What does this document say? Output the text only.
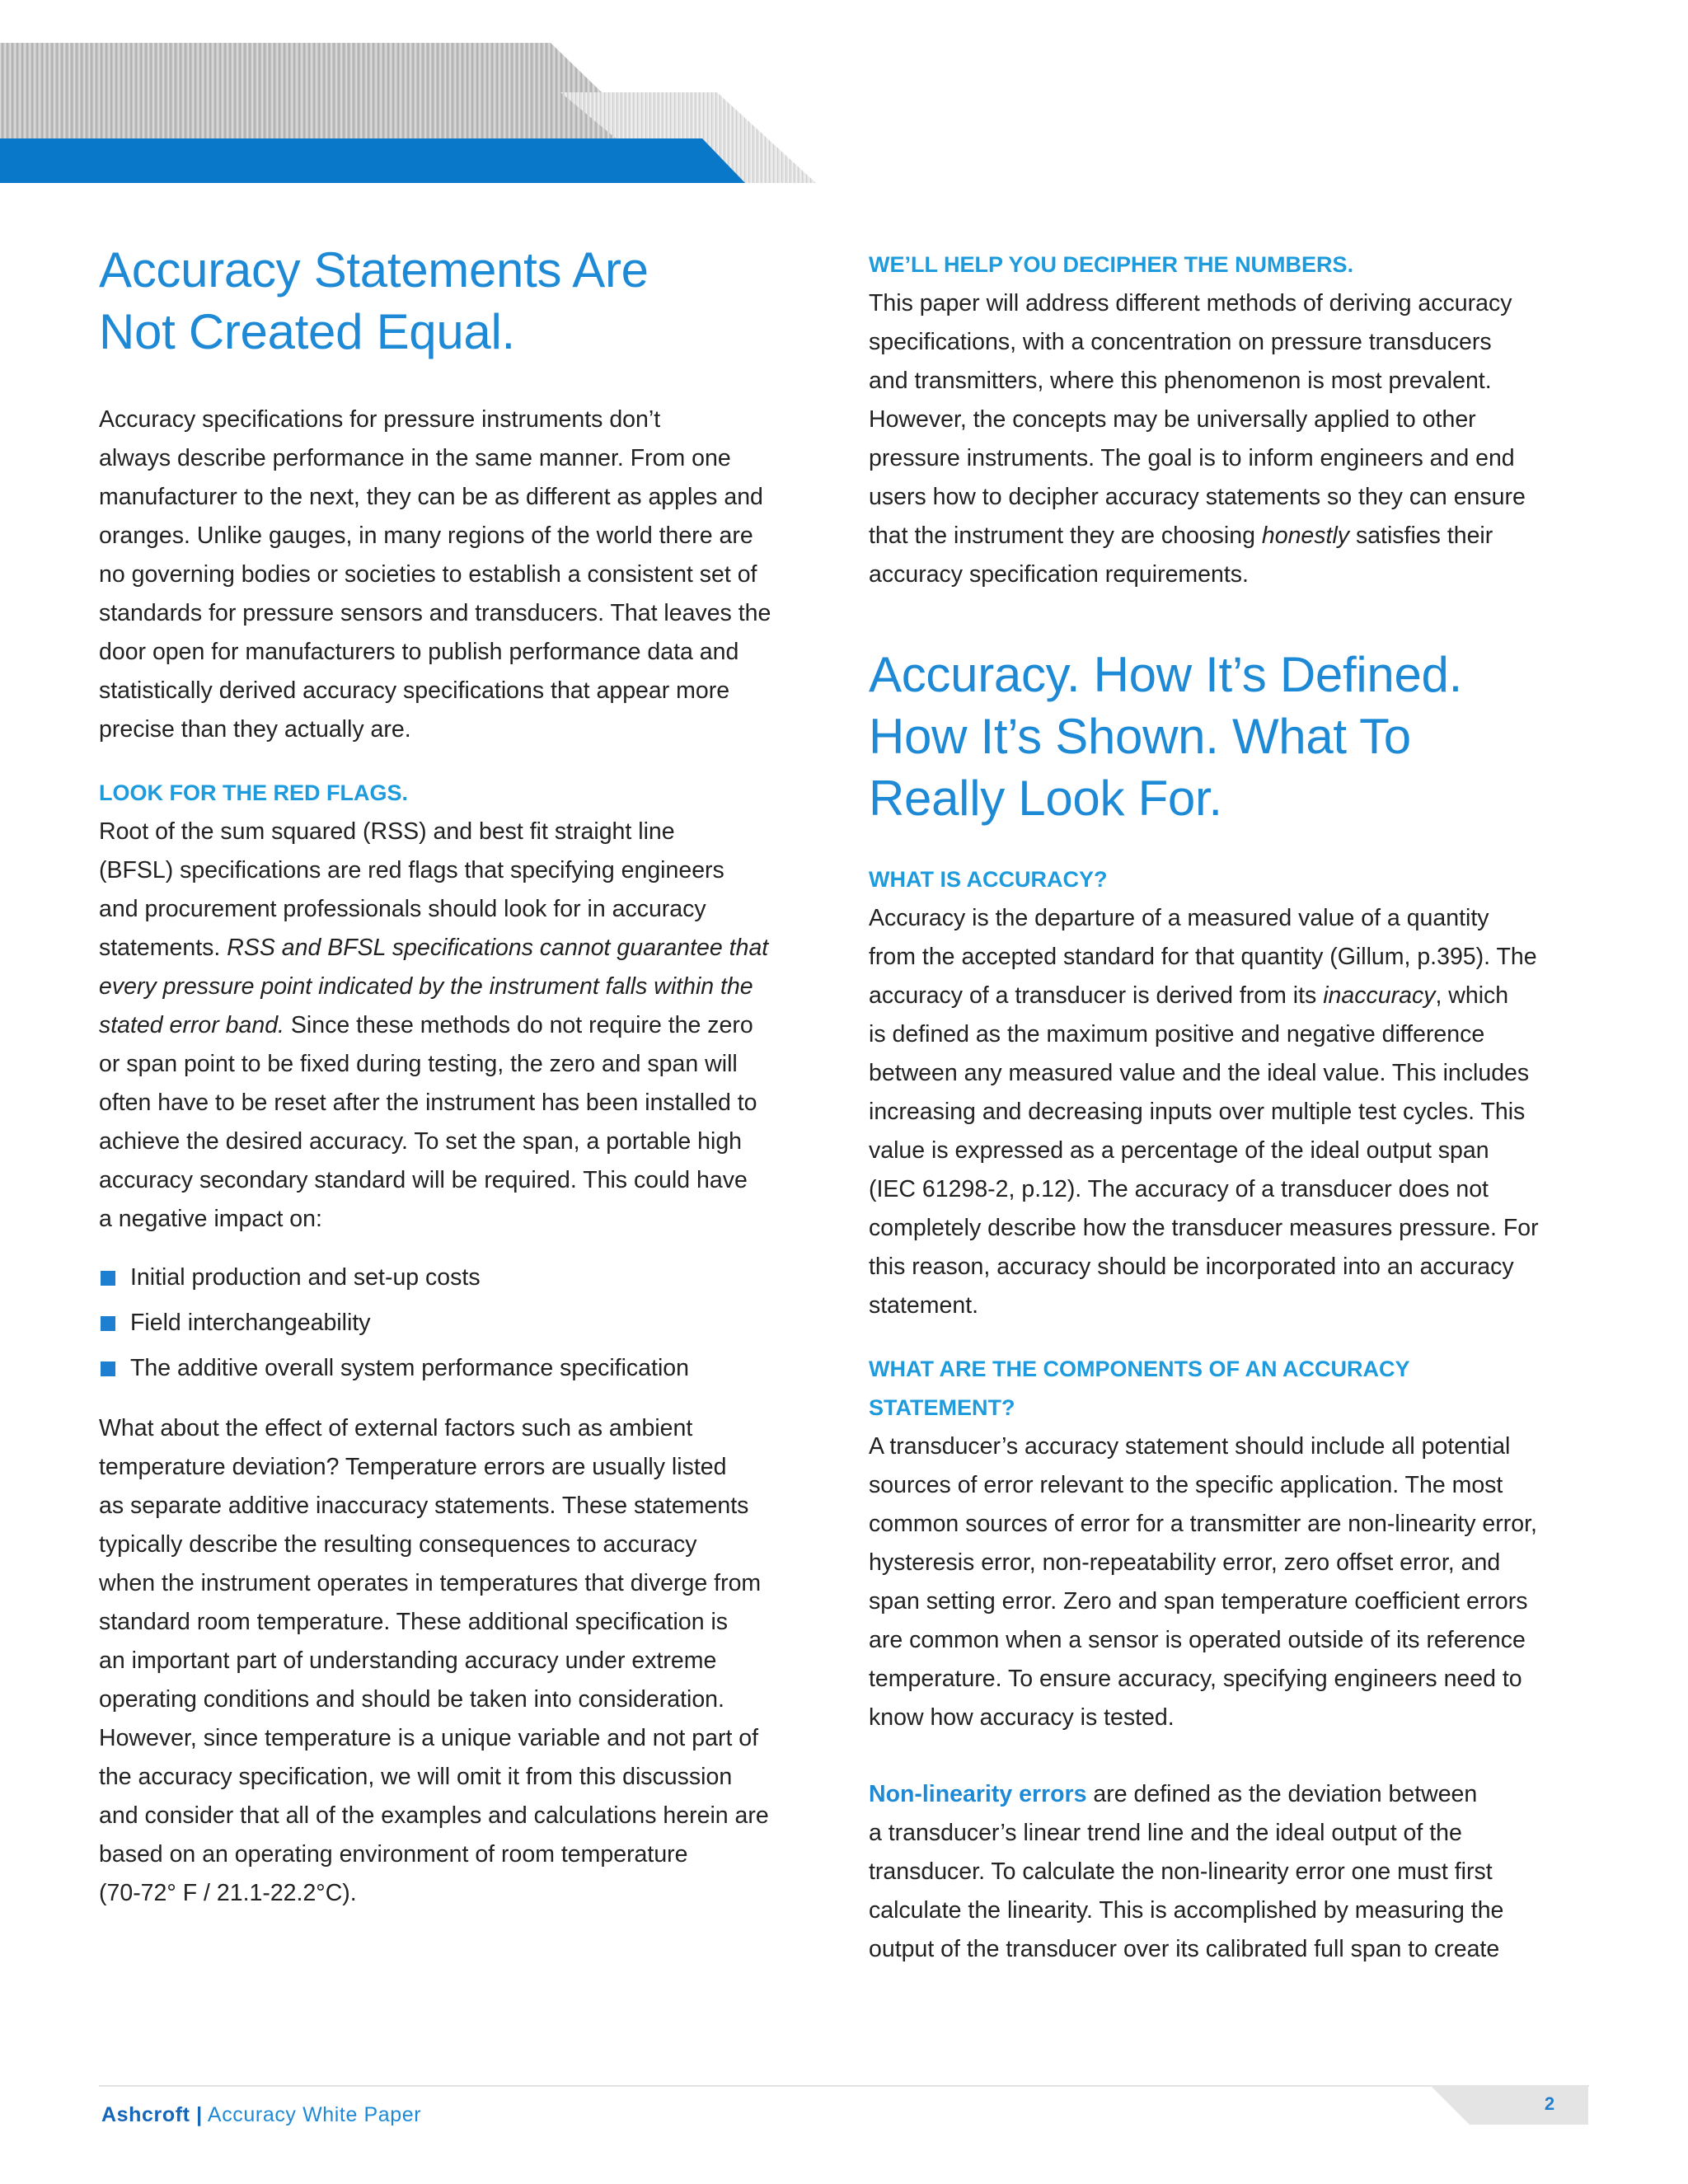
Accuracy Statements Are
Not Created Equal.
Accuracy specifications for pressure instruments don’t
always describe performance in the same manner. From one
manufacturer to the next, they can be as different as apples and
oranges. Unlike gauges, in many regions of the world there are
no governing bodies or societies to establish a consistent set of
standards for pressure sensors and transducers. That leaves the
door open for manufacturers to publish performance data and
statistically derived accuracy specifications that appear more
precise than they actually are.
LOOK FOR THE RED FLAGS.
Root of the sum squared (RSS) and best fit straight line
(BFSL) specifications are red flags that specifying engineers
and procurement professionals should look for in accuracy
statements. RSS and BFSL specifications cannot guarantee that
every pressure point indicated by the instrument falls within the
stated error band. Since these methods do not require the zero
or span point to be fixed during testing, the zero and span will
often have to be reset after the instrument has been installed to
achieve the desired accuracy. To set the span, a portable high
accuracy secondary standard will be required. This could have
a negative impact on:
Initial production and set-up costs
Field interchangeability
The additive overall system performance specification
What about the effect of external factors such as ambient
temperature deviation? Temperature errors are usually listed
as separate additive inaccuracy statements. These statements
typically describe the resulting consequences to accuracy
when the instrument operates in temperatures that diverge from
standard room temperature. These additional specification is
an important part of understanding accuracy under extreme
operating conditions and should be taken into consideration.
However, since temperature is a unique variable and not part of
the accuracy specification, we will omit it from this discussion
and consider that all of the examples and calculations herein are
based on an operating environment of room temperature
(70-72° F / 21.1-22.2°C).
WE’LL HELP YOU DECIPHER THE NUMBERS.
This paper will address different methods of deriving accuracy
specifications, with a concentration on pressure transducers
and transmitters, where this phenomenon is most prevalent.
However, the concepts may be universally applied to other
pressure instruments. The goal is to inform engineers and end
users how to decipher accuracy statements so they can ensure
that the instrument they are choosing honestly satisfies their
accuracy specification requirements.
Accuracy. How It’s Defined.
How It’s Shown. What To
Really Look For.
WHAT IS ACCURACY?
Accuracy is the departure of a measured value of a quantity
from the accepted standard for that quantity (Gillum, p.395). The
accuracy of a transducer is derived from its inaccuracy, which
is defined as the maximum positive and negative difference
between any measured value and the ideal value. This includes
increasing and decreasing inputs over multiple test cycles. This
value is expressed as a percentage of the ideal output span
(IEC 61298-2, p.12). The accuracy of a transducer does not
completely describe how the transducer measures pressure. For
this reason, accuracy should be incorporated into an accuracy
statement.
WHAT ARE THE COMPONENTS OF AN ACCURACY
STATEMENT?
A transducer’s accuracy statement should include all potential
sources of error relevant to the specific application. The most
common sources of error for a transmitter are non-linearity error,
hysteresis error, non-repeatability error, zero offset error, and
span setting error. Zero and span temperature coefficient errors
are common when a sensor is operated outside of its reference
temperature. To ensure accuracy, specifying engineers need to
know how accuracy is tested.
Non-linearity errors are defined as the deviation between
a transducer’s linear trend line and the ideal output of the
transducer. To calculate the non-linearity error one must first
calculate the linearity. This is accomplished by measuring the
output of the transducer over its calibrated full span to create
2
Ashcroft | Accuracy White Paper
